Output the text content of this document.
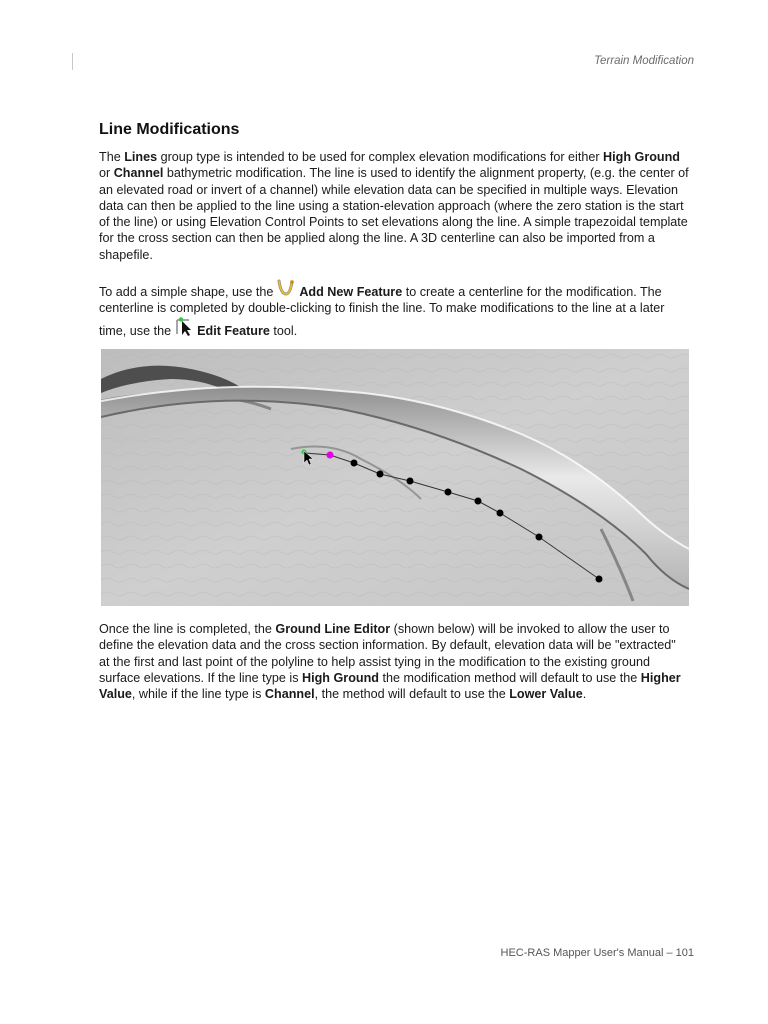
Terrain Modification
Line Modifications

The Lines group type is intended to be used for complex elevation modifications for either High Ground or Channel bathymetric modification. The line is used to identify the alignment property, (e.g. the center of an elevated road or invert of a channel) while elevation data can be specified in multiple ways. Elevation data can then be applied to the line using a station-elevation approach (where the zero station is the start of the line) or using Elevation Control Points to set elevations along the line. A simple trapezoidal template for the cross section can then be applied along the line. A 3D centerline can also be imported from a shapefile.

To add a simple shape, use the Add New Feature to create a centerline for the modification. The centerline is completed by double-clicking to finish the line. To make modifications to the line at a later time, use the Edit Feature tool.

Once the line is completed, the Ground Line Editor (shown below) will be invoked to allow the user to define the elevation data and the cross section information. By default, elevation data will be "extracted" at the first and last point of the polyline to help assist tying in the modification to the existing ground surface elevations. If the line type is High Ground the modification method will default to use the Higher Value, while if the line type is Channel, the method will default to use the Lower Value.

HEC-RAS Mapper User's Manual – 101
